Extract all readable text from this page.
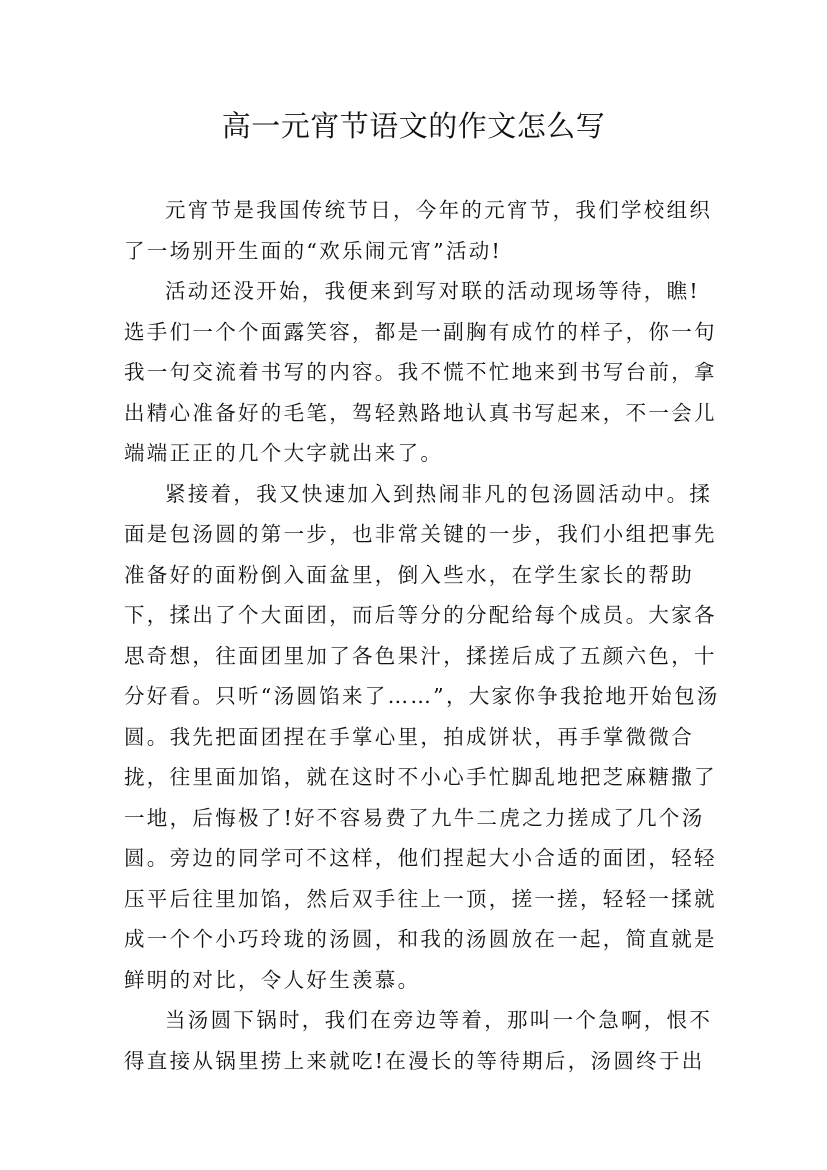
高一元宵节语文的作文怎么写

元宵节是我国传统节日，今年的元宵节，我们学校组织了一场别开生面的“欢乐闹元宵”活动!

活动还没开始，我便来到写对联的活动现场等待，瞧!选手们一个个面露笑容，都是一副胸有成竹的样子，你一句我一句交流着书写的内容。我不慌不忙地来到书写台前，拿出精心准备好的毛笔，驾轻熟路地认真书写起来，不一会儿端端正正的几个大字就出来了。

紧接着，我又快速加入到热闹非凡的包汤圆活动中。揉面是包汤圆的第一步，也非常关键的一步，我们小组把事先准备好的面粉倒入面盆里，倒入些水，在学生家长的帮助下，揉出了个大面团，而后等分的分配给每个成员。大家各思奇想，往面团里加了各色果汁，揉搓后成了五颜六色，十分好看。只听“汤圆馅来了……”，大家你争我抢地开始包汤圆。我先把面团捏在手掌心里，拍成饼状，再手掌微微合拢，往里面加馅，就在这时不小心手忙脚乱地把芝麻糖撒了一地，后悔极了!好不容易费了九牛二虎之力搓成了几个汤圆。旁边的同学可不这样，他们捏起大小合适的面团，轻轻压平后往里加馅，然后双手往上一顶，搓一搓，轻轻一揉就成一个个小巧玲珑的汤圆，和我的汤圆放在一起，简直就是鲜明的对比，令人好生羡慕。

当汤圆下锅时，我们在旁边等着，那叫一个急啊，恨不得直接从锅里捞上来就吃!在漫长的等待期后，汤圆终于出
